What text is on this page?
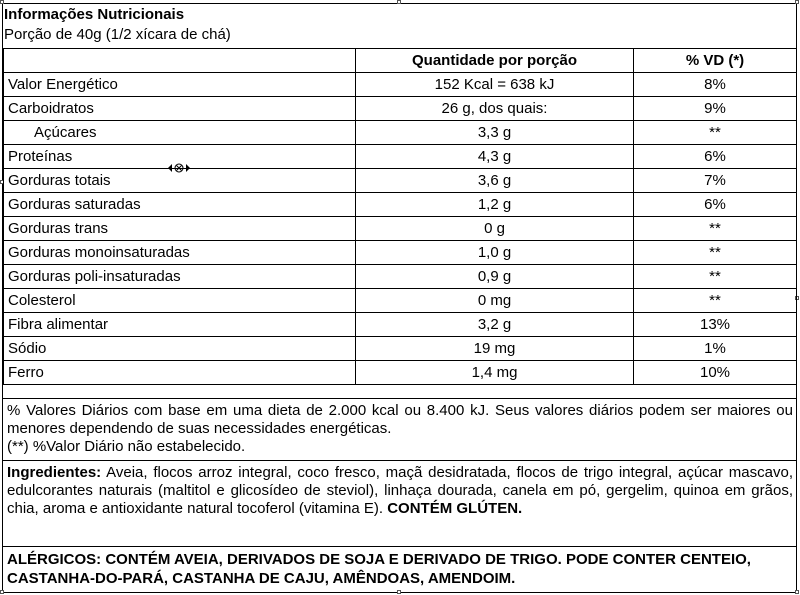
Informações Nutricionais
Porção de 40g (1/2 xícara de chá)
	Quantidade por porção	% VD (*)
Valor Energético	152 Kcal = 638 kJ	8%
Carboidratos	26 g, dos quais:	9%
Açúcares	3,3 g	**
Proteínas	4,3 g	6%
Gorduras totais	3,6 g	7%
Gorduras saturadas	1,2 g	6%
Gorduras trans	0 g	**
Gorduras monoinsaturadas	1,0 g	**
Gorduras poli-insaturadas	0,9 g	**
Colesterol	0 mg	**
Fibra alimentar	3,2 g	13%
Sódio	19 mg	1%
Ferro	1,4 mg	10%

% Valores Diários com base em uma dieta de 2.000 kcal ou 8.400 kJ. Seus valores diários podem ser maiores ou menores dependendo de suas necessidades energéticas.

(**) %Valor Diário não estabelecido.

Ingredientes: Aveia, flocos arroz integral, coco fresco, maçã desidratada, flocos de trigo integral, açúcar mascavo, edulcorantes naturais (maltitol e glicosídeo de steviol), linhaça dourada, canela em pó, gergelim, quinoa em grãos, chia, aroma e antioxidante natural tocoferol (vitamina E). CONTÉM GLÚTEN.
ALÉRGICOS: CONTÉM AVEIA, DERIVADOS DE SOJA E DERIVADO DE TRIGO. PODE CONTER CENTEIO, CASTANHA-DO-PARÁ, CASTANHA DE CAJU, AMÊNDOAS, AMENDOIM.
